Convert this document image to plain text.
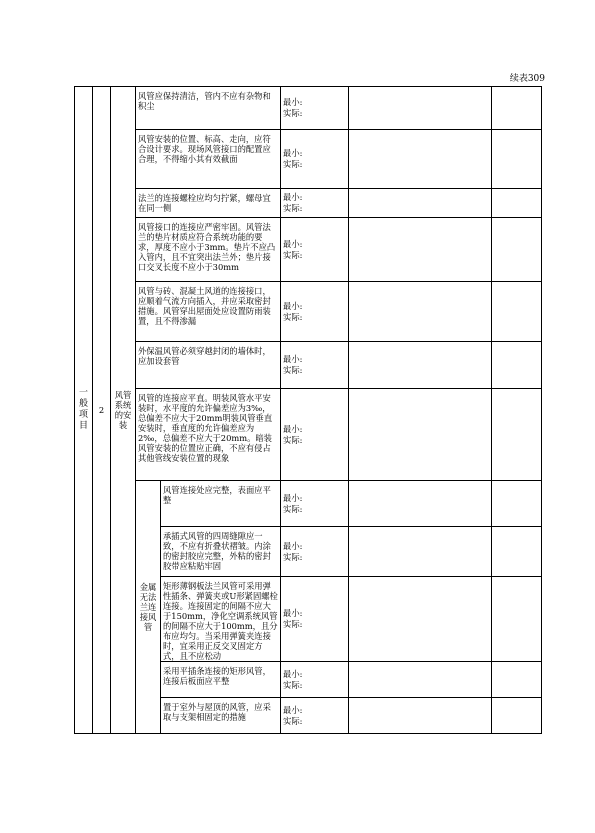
续表309
一般项目	2	风管系统的安装	风管应保持清洁，管内不应有杂物和积尘		最小:
实际:		

			风管安装的位置、标高、走向，应符合设计要求。现场风管接口的配置应合理，不得缩小其有效截面		最小:
实际:		

			法兰的连接螺栓应均匀拧紧，螺母宜在同一侧		最小:
实际:		

			风管接口的连接应严密牢固。风管法兰的垫片材质应符合系统功能的要求，厚度不应小于3mm。垫片不应凸入管内，且不宜突出法兰外；垫片接口交叉长度不应小于30mm		最小:
实际:		

			风管与砖、混凝土风道的连接接口，应顺着气流方向插入，并应采取密封措施。风管穿出屋面处应设置防雨装置，且不得渗漏		最小:
实际:		

			外保温风管必须穿越封闭的墙体时，应加设套管		最小:
实际:		

			风管的连接应平直。明装风管水平安装时，水平度的允许偏差应为3‰，总偏差不应大于20mm明装风管垂直安装时，垂直度的允许偏差应为2‰，总偏差不应大于20mm。暗装风管安装的位置应正确，不应有侵占其他管线安装位置的现象		最小:
实际:		

			金属无法兰连接风管	风管连接处应完整，表面应平整	最小:
实际:		

				承插式风管的四周缝隙应一致，不应有折叠状褶皱。内涂的密封胶应完整，外粘的密封胶带应粘贴牢固	最小:
实际:		

				矩形薄钢板法兰风管可采用弹性插条、弹簧夹或U形紧固螺栓连接。连接固定的间隔不应大于150mm，净化空调系统风管的间隔不应大于100mm，且分布应均匀。当采用弹簧夹连接时，宜采用正反交叉固定方式，且不应松动	最小:
实际:		

				采用平插条连接的矩形风管，连接后板面应平整	最小:
实际:		

				置于室外与屋顶的风管，应采取与支架相固定的措施	最小:
实际:		
